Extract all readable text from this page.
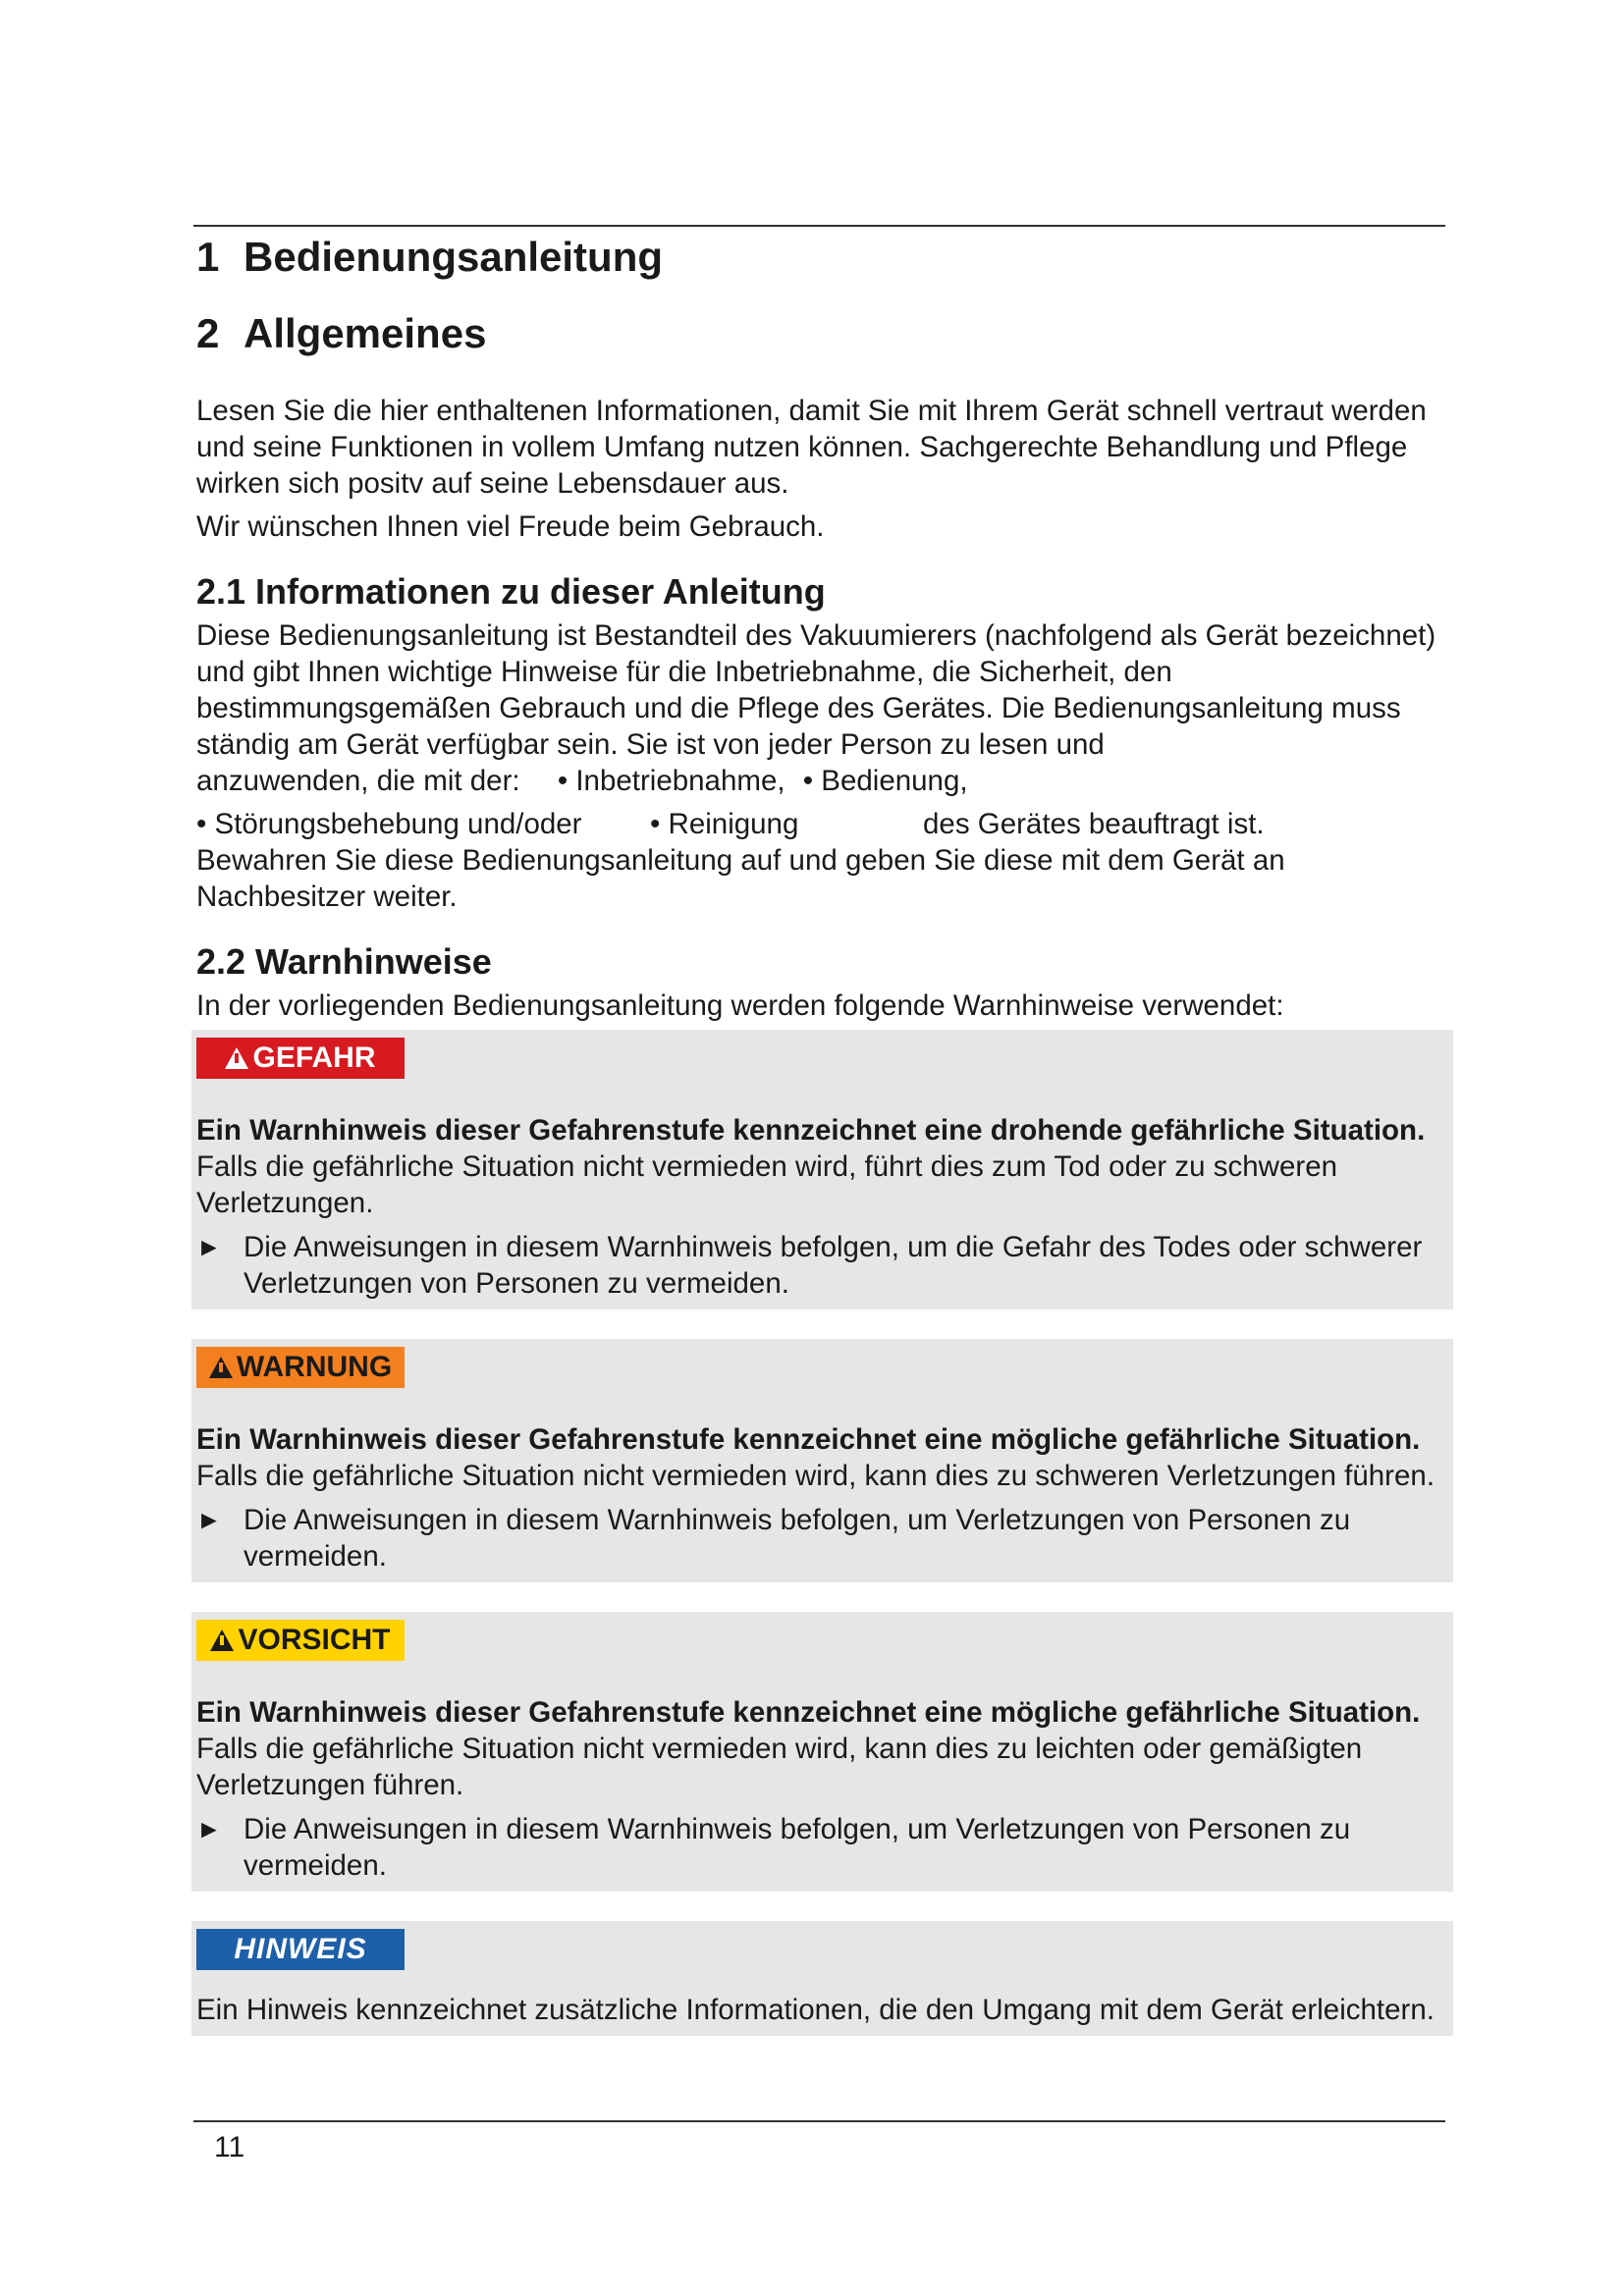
1 Bedienungsanleitung
2 Allgemeines

Lesen Sie die hier enthaltenen Informationen, damit Sie mit Ihrem Gerät schnell vertraut werden und seine Funktionen in vollem Umfang nutzen können. Sachgerechte Behandlung und Pflege wirken sich positv auf seine Lebensdauer aus.

Wir wünschen Ihnen viel Freude beim Gebrauch.

2.1 Informationen zu dieser Anleitung

Diese Bedienungsanleitung ist Bestandteil des Vakuumierers (nachfolgend als Gerät bezeichnet) und gibt Ihnen wichtige Hinweise für die Inbetriebnahme, die Sicherheit, den bestimmungsgemäßen Gebrauch und die Pflege des Gerätes. Die Bedienungsanleitung muss ständig am Gerät verfügbar sein. Sie ist von jeder Person zu lesen und

anzuwenden, die mit der: • Inbetriebnahme, • Bedienung,
• Störungsbehebung und/oder • Reinigung	des Gerätes beauftragt ist.

Bewahren Sie diese Bedienungsanleitung auf und geben Sie diese mit dem Gerät an Nachbesitzer weiter.

2.2 Warnhinweise

In der vorliegenden Bedienungsanleitung werden folgende Warnhinweise verwendet:

GEFAHR

Ein Warnhinweis dieser Gefahrenstufe kennzeichnet eine drohende gefährliche Situation. Falls die gefährliche Situation nicht vermieden wird, führt dies zum Tod oder zu schweren Verletzungen.

► Die Anweisungen in diesem Warnhinweis befolgen, um die Gefahr des Todes oder schwerer Verletzungen von Personen zu vermeiden.
WARNUNG

Ein Warnhinweis dieser Gefahrenstufe kennzeichnet eine mögliche gefährliche Situation. Falls die gefährliche Situation nicht vermieden wird, kann dies zu schweren Verletzungen führen.

► Die Anweisungen in diesem Warnhinweis befolgen, um Verletzungen von Personen zu vermeiden.
VORSICHT

Ein Warnhinweis dieser Gefahrenstufe kennzeichnet eine mögliche gefährliche Situation. Falls die gefährliche Situation nicht vermieden wird, kann dies zu leichten oder gemäßigten Verletzungen führen.

► Die Anweisungen in diesem Warnhinweis befolgen, um Verletzungen von Personen zu vermeiden.
HINWEIS

Ein Hinweis kennzeichnet zusätzliche Informationen, die den Umgang mit dem Gerät erleichtern.

11
